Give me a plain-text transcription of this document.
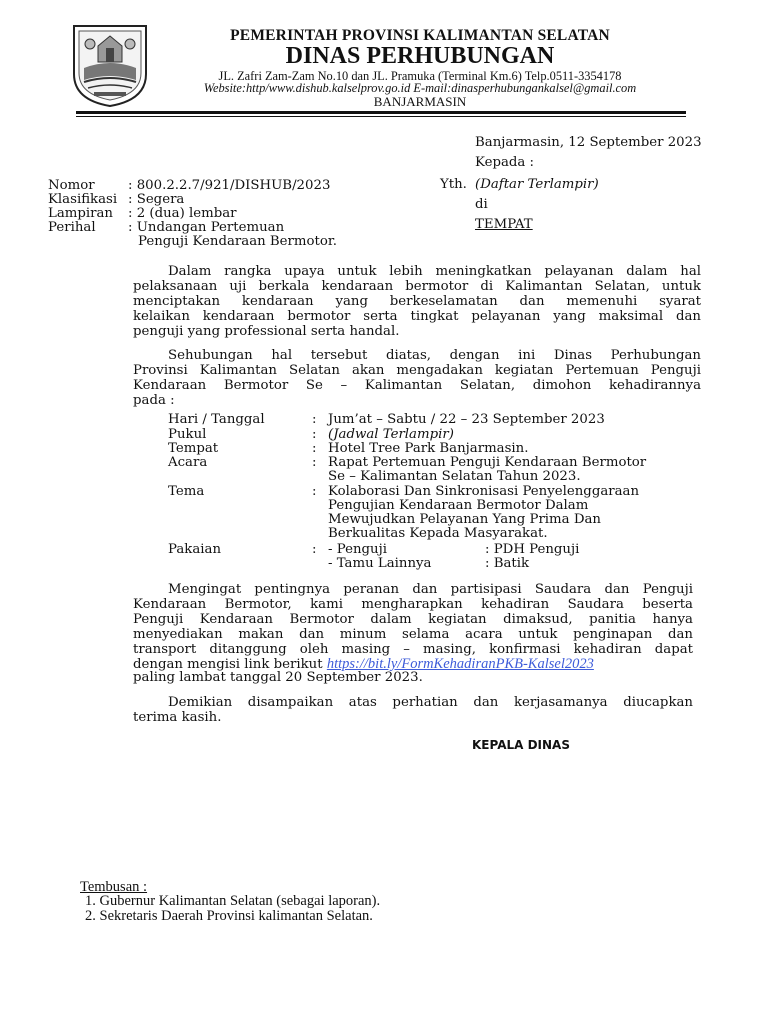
PEMERINTAH PROVINSI KALIMANTAN SELATAN
DINAS PERHUBUNGAN
JL. Zafri Zam-Zam No.10 dan JL. Pramuka (Terminal Km.6) Telp.0511-3354178
Website:http/www.dishub.kalselprov.go.id E-mail:dinasperhubungankalsel@gmail.com
BANJARMASIN
Banjarmasin, 12 September 2023
Kepada :
Yth. (Daftar Terlampir)
di
TEMPAT
Nomor	: 800.2.2.7/921/DISHUB/2023
Klasifikasi : Segera
Lampiran : 2 (dua) lembar
Perihal : Undangan Pertemuan
Penguji Kendaraan Bermotor.
Dalam rangka upaya untuk lebih meningkatkan pelayanan dalam hal
pelaksanaan uji berkala kendaraan bermotor di Kalimantan Selatan, untuk
menciptakan kendaraan yang berkeselamatan dan memenuhi syarat
kelaikan kendaraan bermotor serta tingkat pelayanan yang maksimal dan
penguji yang professional serta handal.
Sehubungan hal tersebut diatas, dengan ini Dinas Perhubungan
Provinsi Kalimantan Selatan akan mengadakan kegiatan Pertemuan Penguji
Kendaraan Bermotor Se – Kalimantan Selatan, dimohon kehadirannya
pada :
Hari / Tanggal	: Jum’at – Sabtu / 22 – 23 September 2023
Pukul	: (Jadwal Terlampir)
Tempat	: Hotel Tree Park Banjarmasin.
Acara	: Rapat Pertemuan Penguji Kendaraan Bermotor
Se – Kalimantan Selatan Tahun 2023.
Tema	: Kolaborasi Dan Sinkronisasi Penyelenggaraan
Pengujian Kendaraan Bermotor Dalam
Mewujudkan Pelayanan Yang Prima Dan
Berkualitas Kepada Masyarakat.
Pakaian	: - Penguji	: PDH Penguji
- Tamu Lainnya	: Batik
Mengingat pentingnya peranan dan partisipasi Saudara dan Penguji
Kendaraan Bermotor, kami mengharapkan kehadiran Saudara beserta
Penguji Kendaraan Bermotor dalam kegiatan dimaksud, panitia hanya
menyediakan makan dan minum selama acara untuk penginapan dan
transport ditanggung oleh masing – masing, konfirmasi kehadiran dapat
dengan mengisi link berikut https://bit.ly/FormKehadiranPKB-Kalsel2023
paling lambat tanggal 20 September 2023.
Demikian disampaikan atas perhatian dan kerjasamanya diucapkan
terima kasih.
KEPALA DINAS
Tembusan :
1. Gubernur Kalimantan Selatan (sebagai laporan).
2. Sekretaris Daerah Provinsi kalimantan Selatan.
